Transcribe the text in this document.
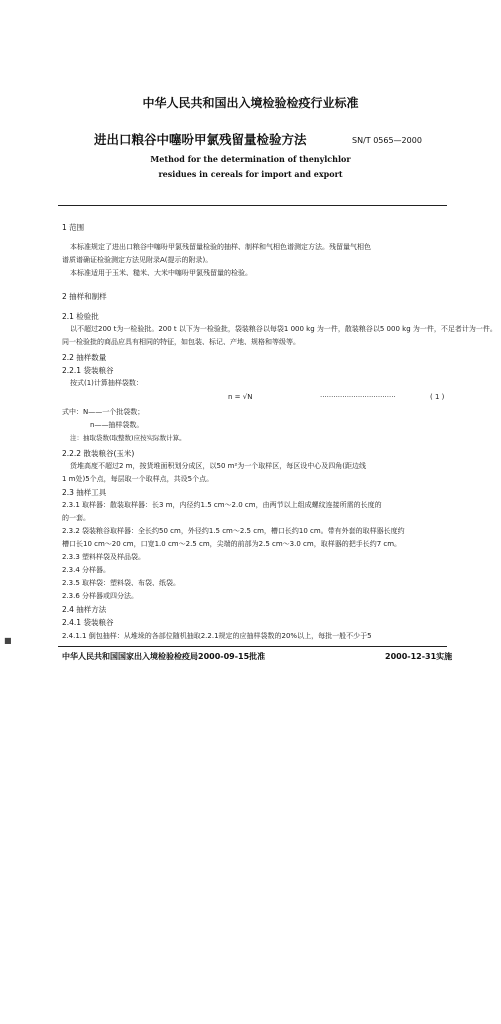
中华人民共和国出入境检验检疫行业标准
进出口粮谷中噻吩甲氯残留量检验方法	SN/T 0565—2000
Method for the determination of thenylchlor
residues in cereals for import and export
1 范围
本标准规定了进出口粮谷中噻吩甲氯残留量检验的抽样、制样和气相色谱测定方法。残留量气相色
谱质谱确证检验测定方法见附录A(提示的附录)。
本标准适用于玉米、糙米、大米中噻吩甲氯残留量的检验。
2 抽样和制样
2.1 检验批
以不超过200 t为一检验批。200 t 以下为一检验批，袋装粮谷以每袋1 000 kg 为一件，散装粮谷以5 000 kg 为一件，不足者计为一件。
同一检验批的商品应具有相同的特征，如包装、标记、产地、规格和等级等。
2.2 抽样数量
2.2.1 袋装粮谷
按式(1)计算抽样袋数：
n = √N	··································	( 1 )
式中：N——一个批袋数；
n——抽样袋数。
注：抽取袋数(取整数)应按实际数计算。
2.2.2 散装粮谷(玉米)
货堆高度不超过2 m，按货堆面积划分成区，以50 m²为一个取样区，每区设中心及四角(距边线
1 m处)5个点，每层取一个取样点，共设5个点。
2.3 抽样工具
2.3.1 取样器：散装取样器：长3 m，内径约1.5 cm～2.0 cm，由两节以上组成螺纹连接所需的长度的
的一套。
2.3.2 袋装粮谷取样器：全长约50 cm，外径约1.5 cm～2.5 cm，槽口长约10 cm。带有外套的取样器长度约
槽口长10 cm～20 cm，口宽1.0 cm～2.5 cm，尖端的前部为2.5 cm～3.0 cm，取样器的把手长约7 cm。
2.3.3 塑料样袋及样品袋。
2.3.4 分样器。
2.3.5 取样袋：塑料袋、布袋、纸袋。
2.3.6 分样器或四分法。
2.4 抽样方法
2.4.1 袋装粮谷
2.4.1.1 倒包抽样：从堆垛的各部位随机抽取2.2.1规定的应抽样袋数的20%以上，每批一般不少于5
■
中华人民共和国国家出入境检验检疫局2000-09-15批准	2000-12-31实施
